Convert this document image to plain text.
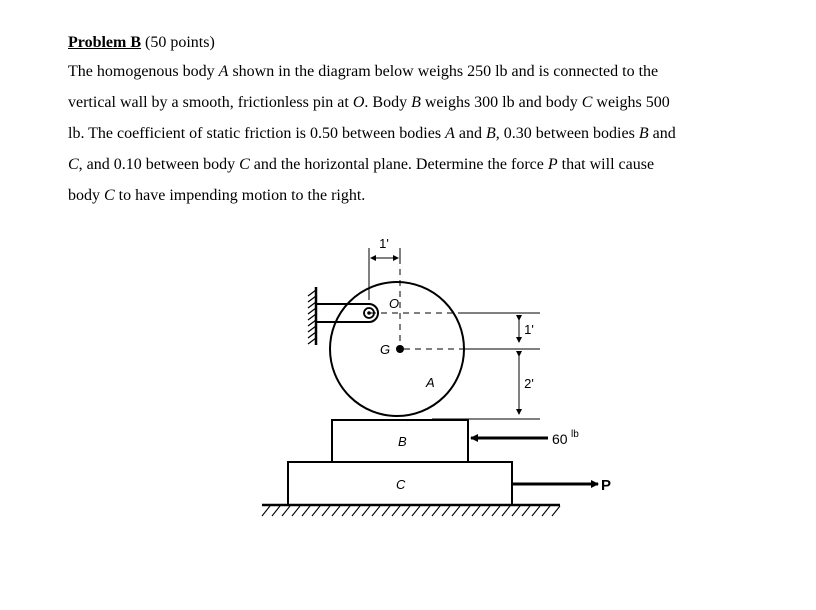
Problem B (50 points)

The homogenous body A shown in the diagram below weighs 250 lb and is connected to the

vertical wall by a smooth, frictionless pin at O. Body B weighs 300 lb and body C weighs 500

lb. The coefficient of static friction is 0.50 between bodies A and B, 0.30 between bodies B and

C, and 0.10 between body C and the horizontal plane. Determine the force P that will cause

body C to have impending motion to the right.

1'
1'
2'
60 lb
P
O
G
A
B
C
